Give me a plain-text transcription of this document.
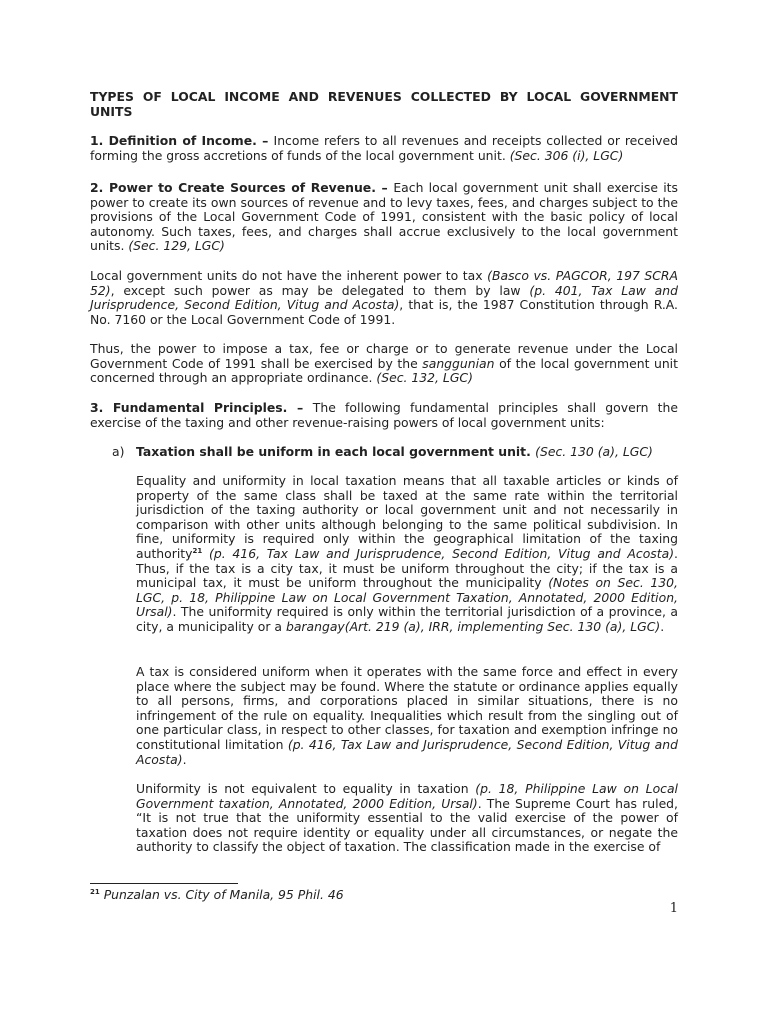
TYPES OF LOCAL INCOME AND REVENUES COLLECTED BY LOCAL GOVERNMENT UNITS

1. Definition of Income. – Income refers to all revenues and receipts collected or received forming the gross accretions of funds of the local government unit. (Sec. 306 (i), LGC)

2. Power to Create Sources of Revenue. – Each local government unit shall exercise its power to create its own sources of revenue and to levy taxes, fees, and charges subject to the provisions of the Local Government Code of 1991, consistent with the basic policy of local autonomy. Such taxes, fees, and charges shall accrue exclusively to the local government units. (Sec. 129, LGC)

Local government units do not have the inherent power to tax (Basco vs. PAGCOR, 197 SCRA 52), except such power as may be delegated to them by law (p. 401, Tax Law and Jurisprudence, Second Edition, Vitug and Acosta), that is, the 1987 Constitution through R.A. No. 7160 or the Local Government Code of 1991.

Thus, the power to impose a tax, fee or charge or to generate revenue under the Local Government Code of 1991 shall be exercised by the sanggunian of the local government unit concerned through an appropriate ordinance. (Sec. 132, LGC)

3. Fundamental Principles. – The following fundamental principles shall govern the exercise of the taxing and other revenue-raising powers of local government units:

a) Taxation shall be uniform in each local government unit. (Sec. 130 (a), LGC)

Equality and uniformity in local taxation means that all taxable articles or kinds of property of the same class shall be taxed at the same rate within the territorial jurisdiction of the taxing authority or local government unit and not necessarily in comparison with other units although belonging to the same political subdivision. In fine, uniformity is required only within the geographical limitation of the taxing authority$^{21}$ (p. 416, Tax Law and Jurisprudence, Second Edition, Vitug and Acosta). Thus, if the tax is a city tax, it must be uniform throughout the city; if the tax is a municipal tax, it must be uniform throughout the municipality (Notes on Sec. 130, LGC, p. 18, Philippine Law on Local Government Taxation, Annotated, 2000 Edition, Ursal). The uniformity required is only within the territorial jurisdiction of a province, a city, a municipality or a barangay(Art. 219 (a), IRR, implementing Sec. 130 (a), LGC).

A tax is considered uniform when it operates with the same force and effect in every place where the subject may be found. Where the statute or ordinance applies equally to all persons, firms, and corporations placed in similar situations, there is no infringement of the rule on equality. Inequalities which result from the singling out of one particular class, in respect to other classes, for taxation and exemption infringe no constitutional limitation (p. 416, Tax Law and Jurisprudence, Second Edition, Vitug and Acosta).

Uniformity is not equivalent to equality in taxation (p. 18, Philippine Law on Local Government taxation, Annotated, 2000 Edition, Ursal). The Supreme Court has ruled, “It is not true that the uniformity essential to the valid exercise of the power of taxation does not require identity or equality under all circumstances, or negate the authority to classify the object of taxation. The classification made in the exercise of

$^{21}$ Punzalan vs. City of Manila, 95 Phil. 46

1
